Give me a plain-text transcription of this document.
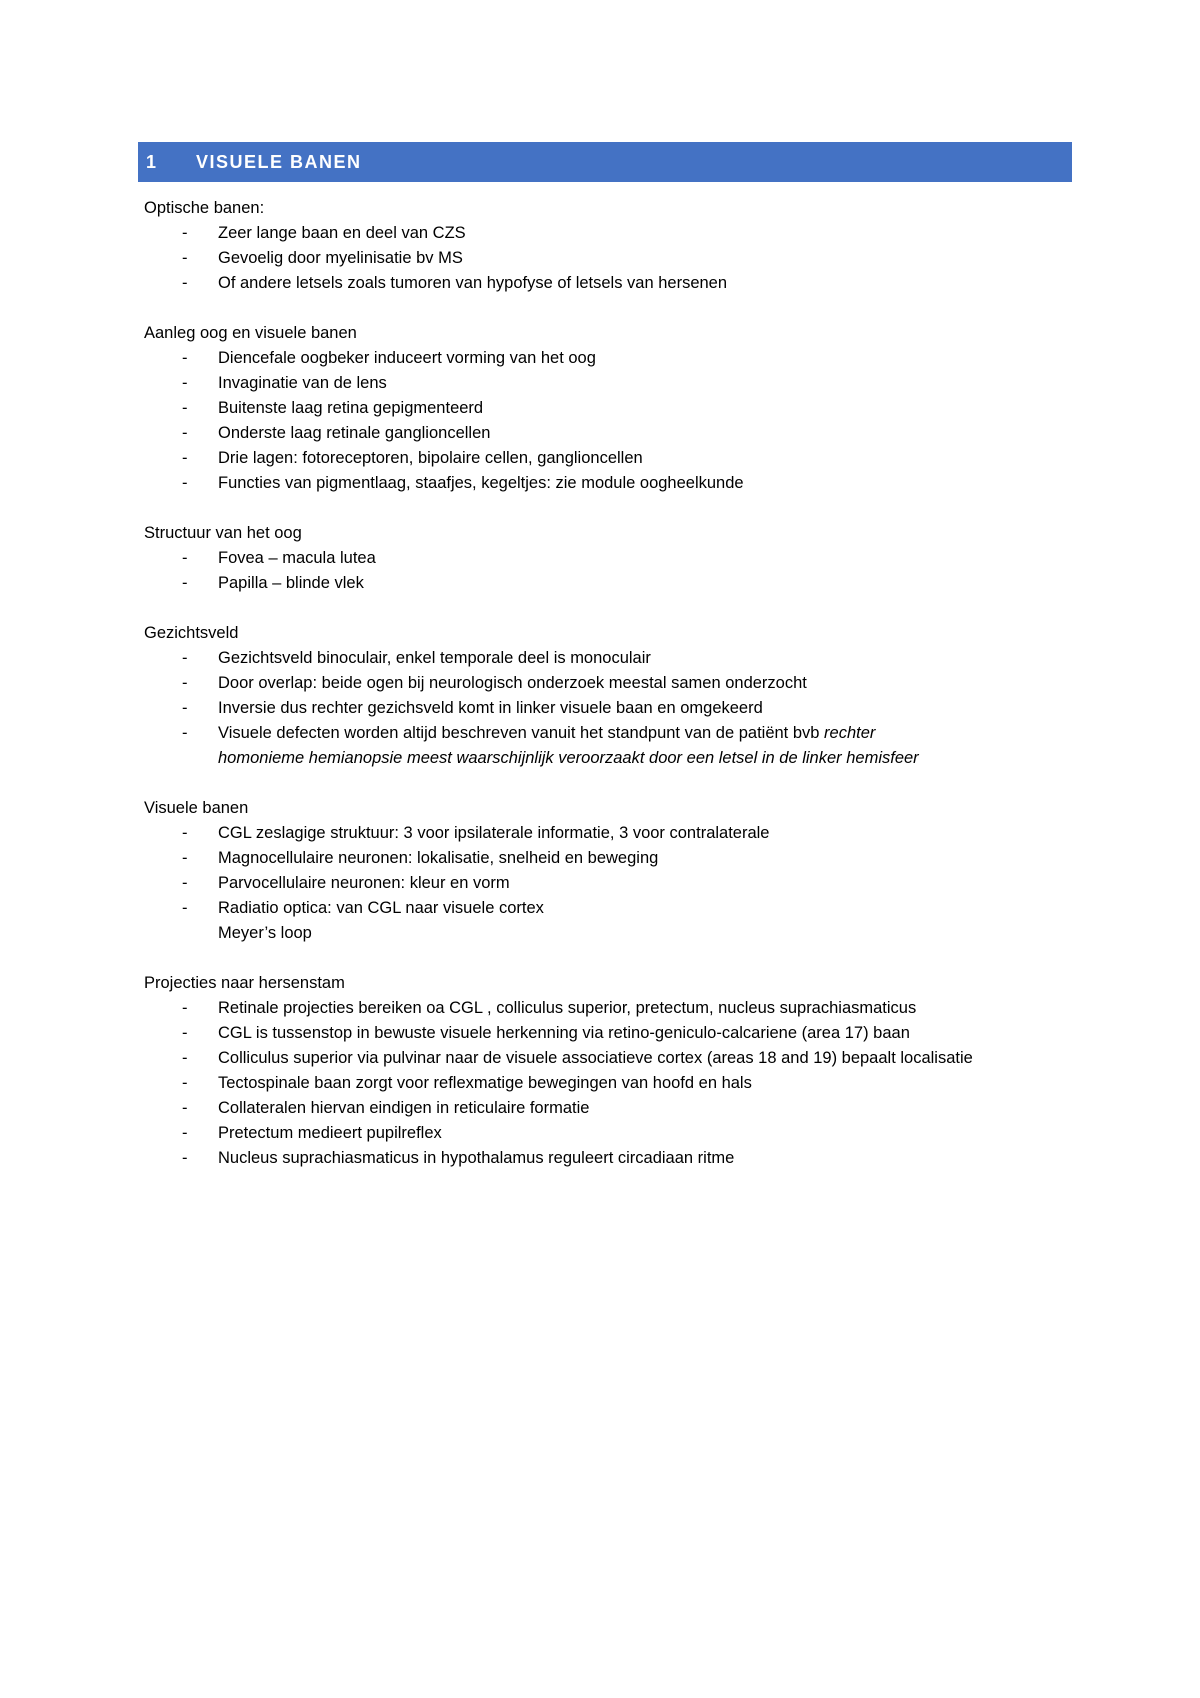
1	VISUELE BANEN
Optische banen:
- Zeer lange baan en deel van CZS
- Gevoelig door myelinisatie bv MS
- Of andere letsels zoals tumoren van hypofyse of letsels van hersenen
Aanleg oog en visuele banen
- Diencefale oogbeker induceert vorming van het oog
- Invaginatie van de lens
- Buitenste laag retina gepigmenteerd
- Onderste laag retinale ganglioncellen
- Drie lagen: fotoreceptoren, bipolaire cellen, ganglioncellen
- Functies van pigmentlaag, staafjes, kegeltjes: zie module oogheelkunde
Structuur van het oog
- Fovea – macula lutea
- Papilla – blinde vlek
Gezichtsveld
- Gezichtsveld binoculair, enkel temporale deel is monoculair
- Door overlap: beide ogen bij neurologisch onderzoek meestal samen onderzocht
- Inversie dus rechter gezichsveld komt in linker visuele baan en omgekeerd
- Visuele defecten worden altijd beschreven vanuit het standpunt van de patiënt bvb rechter
homonieme hemianopsie meest waarschijnlijk veroorzaakt door een letsel in de linker hemisfeer
Visuele banen
- CGL zeslagige struktuur: 3 voor ipsilaterale informatie, 3 voor contralaterale
- Magnocellulaire neuronen: lokalisatie, snelheid en beweging
- Parvocellulaire neuronen: kleur en vorm
- Radiatio optica: van CGL naar visuele cortex
Meyer’s loop
Projecties naar hersenstam
- Retinale projecties bereiken oa CGL , colliculus superior, pretectum, nucleus suprachiasmaticus
- CGL is tussenstop in bewuste visuele herkenning via retino-geniculo-calcariene (area 17) baan
- Colliculus superior via pulvinar naar de visuele associatieve cortex (areas 18 and 19) bepaalt localisatie
- Tectospinale baan zorgt voor reflexmatige bewegingen van hoofd en hals
- Collateralen hiervan eindigen in reticulaire formatie
- Pretectum medieert pupilreflex
- Nucleus suprachiasmaticus in hypothalamus reguleert circadiaan ritme
